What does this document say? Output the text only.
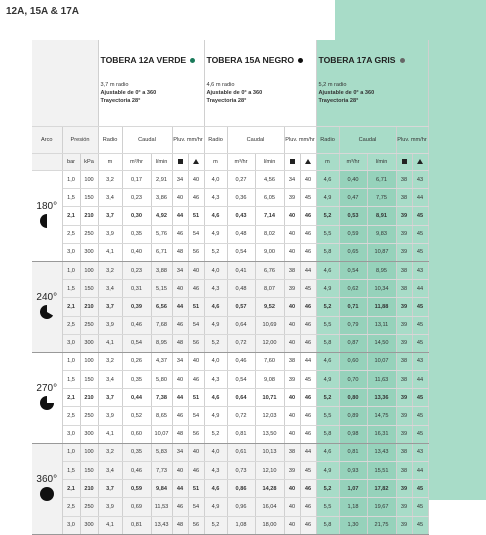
12A, 15A & 17A

			TOBERA 12A VERDE
3,7 m radio
Ajustable de 0° a 360
Trayectoria 28°					TOBERA 15A NEGRO
4,6 m radio
Ajustable de 0° a 360
Trayectoria 28°					TOBERA 17A GRIS
5,2 m radio
Ajustable de 0° a 360
Trayectoria 28°				

Arco	Presión		Radio	Caudal		Pluv. mm/hr		Radio	Caudal		Pluv. mm/hr		Radio	Caudal		Pluv. mm/hr	
	bar	kPa	m	m³/hr	l/min			m	m³/hr	l/min			m	m³/hr	l/min		

180°	1,0	100	3,2	0,17	2,91	34	40	4,0	0,27	4,56	34	40	4,6	0,40	6,71	38	43
	1,5	150	3,4	0,23	3,86	40	46	4,3	0,36	6,05	39	45	4,9	0,47	7,75	38	44
	2,1	210	3,7	0,30	4,92	44	51	4,6	0,43	7,14	40	46	5,2	0,53	8,91	39	45
	2,5	250	3,9	0,35	5,76	46	54	4,9	0,48	8,02	40	46	5,5	0,59	9,83	39	45
	3,0	300	4,1	0,40	6,71	48	56	5,2	0,54	9,00	40	46	5,8	0,65	10,87	39	45

240°	1,0	100	3,2	0,23	3,88	34	40	4,0	0,41	6,76	38	44	4,6	0,54	8,95	38	43
	1,5	150	3,4	0,31	5,15	40	46	4,3	0,48	8,07	39	45	4,9	0,62	10,34	38	44
	2,1	210	3,7	0,39	6,56	44	51	4,6	0,57	9,52	40	46	5,2	0,71	11,88	39	45
	2,5	250	3,9	0,46	7,68	46	54	4,9	0,64	10,69	40	46	5,5	0,79	13,11	39	45
	3,0	300	4,1	0,54	8,95	48	56	5,2	0,72	12,00	40	46	5,8	0,87	14,50	39	45

270°	1,0	100	3,2	0,26	4,37	34	40	4,0	0,46	7,60	38	44	4,6	0,60	10,07	38	43
	1,5	150	3,4	0,35	5,80	40	46	4,3	0,54	9,08	39	45	4,9	0,70	11,63	38	44
	2,1	210	3,7	0,44	7,38	44	51	4,6	0,64	10,71	40	46	5,2	0,80	13,36	39	45
	2,5	250	3,9	0,52	8,65	46	54	4,9	0,72	12,03	40	46	5,5	0,89	14,75	39	45
	3,0	300	4,1	0,60	10,07	48	56	5,2	0,81	13,50	40	46	5,8	0,98	16,31	39	45

360°	1,0	100	3,2	0,35	5,83	34	40	4,0	0,61	10,13	38	44	4,6	0,81	13,43	38	43
	1,5	150	3,4	0,46	7,73	40	46	4,3	0,73	12,10	39	45	4,9	0,93	15,51	38	44
	2,1	210	3,7	0,59	9,84	44	51	4,6	0,86	14,28	40	46	5,2	1,07	17,82	39	45
	2,5	250	3,9	0,69	11,53	46	54	4,9	0,96	16,04	40	46	5,5	1,18	19,67	39	45
	3,0	300	4,1	0,81	13,43	48	56	5,2	1,08	18,00	40	46	5,8	1,30	21,75	39	45
